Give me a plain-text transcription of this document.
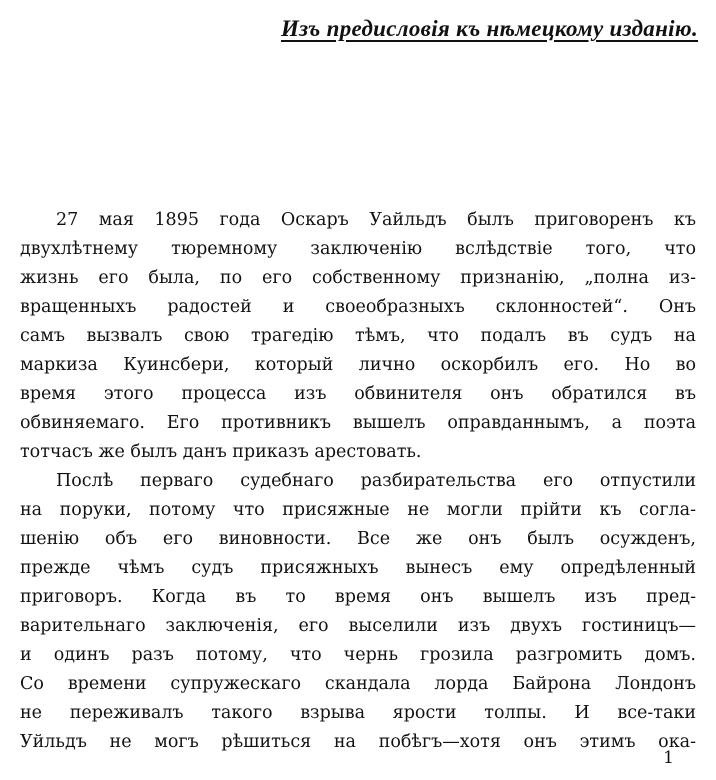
Изъ предисловія къ нѣмецкому изданію.
27 мая 1895 года Оскаръ Уайльдъ былъ приговоренъ къ
двухлѣтнему тюремному заключенію вслѣдствіе того, что
жизнь его была, по его собственному признанію, „полна из-
вращенныхъ радостей и своеобразныхъ склонностей“. Онъ
самъ вызвалъ свою трагедію тѣмъ, что подалъ въ судъ на
маркиза Куинсбери, который лично оскорбилъ его. Но во
время этого процесса изъ обвинителя онъ обратился въ
обвиняемаго. Его противникъ вышелъ оправданнымъ, а поэта
тотчасъ же былъ данъ приказъ арестовать.
Послѣ перваго судебнаго разбирательства его отпустили
на поруки, потому что присяжные не могли прійти къ согла-
шенію объ его виновности. Все же онъ былъ осужденъ,
прежде чѣмъ судъ присяжныхъ вынесъ ему опредѣленный
приговоръ. Когда въ то время онъ вышелъ изъ пред-
варительнаго заключенія, его выселили изъ двухъ гостиницъ—
и одинъ разъ потому, что чернь грозила разгромить домъ.
Со времени супружескаго скандала лорда Байрона Лондонъ
не переживалъ такого взрыва ярости толпы. И все-таки
Уйльдъ не могъ рѣшиться на побѣгъ—хотя онъ этимъ ока-
1
